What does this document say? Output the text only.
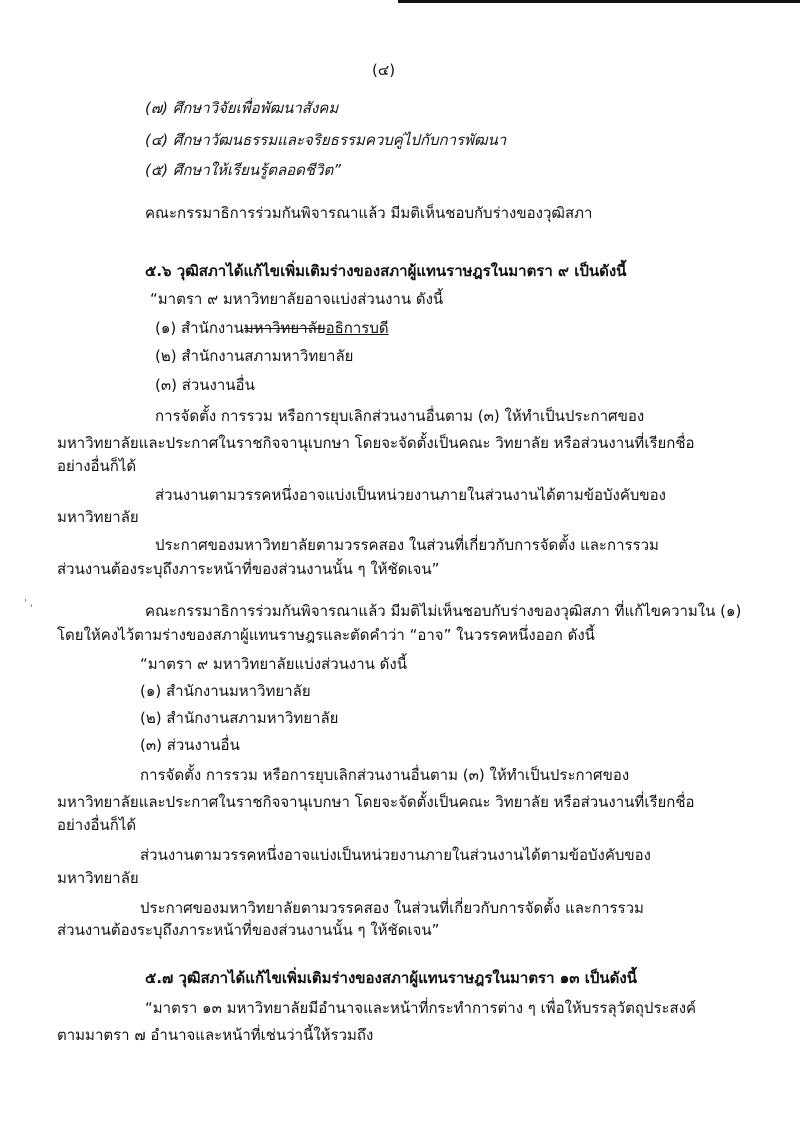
' ,
(๔)
(๗) ศึกษาวิจัยเพื่อพัฒนาสังคม
(๔) ศึกษาวัฒนธรรมและจริยธรรมควบคู่ไปกับการพัฒนา
(๕) ศึกษาให้เรียนรู้ตลอดชีวิต”
คณะกรรมาธิการร่วมกันพิจารณาแล้ว มีมติเห็นชอบกับร่างของวุฒิสภา
๕.๖ วุฒิสภาได้แก้ไขเพิ่มเติมร่างของสภาผู้แทนราษฎรในมาตรา ๙ เป็นดังนี้
“มาตรา ๙ มหาวิทยาลัยอาจแบ่งส่วนงาน ดังนี้
(๑) สำนักงานมหาวิทยาลัยอธิการบดี
(๒) สำนักงานสภามหาวิทยาลัย
(๓) ส่วนงานอื่น
การจัดตั้ง การรวม หรือการยุบเลิกส่วนงานอื่นตาม (๓) ให้ทำเป็นประกาศของ
มหาวิทยาลัยและประกาศในราชกิจจานุเบกษา โดยจะจัดตั้งเป็นคณะ วิทยาลัย หรือส่วนงานที่เรียกชื่อ
อย่างอื่นก็ได้
ส่วนงานตามวรรคหนึ่งอาจแบ่งเป็นหน่วยงานภายในส่วนงานได้ตามข้อบังคับของ
มหาวิทยาลัย
ประกาศของมหาวิทยาลัยตามวรรคสอง ในส่วนที่เกี่ยวกับการจัดตั้ง และการรวม
ส่วนงานต้องระบุถึงภาระหน้าที่ของส่วนงานนั้น ๆ ให้ชัดเจน”
คณะกรรมาธิการร่วมกันพิจารณาแล้ว มีมติไม่เห็นชอบกับร่างของวุฒิสภา ที่แก้ไขความใน (๑)
โดยให้คงไว้ตามร่างของสภาผู้แทนราษฎรและตัดคำว่า “อาจ” ในวรรคหนึ่งออก ดังนี้
“มาตรา ๙ มหาวิทยาลัยแบ่งส่วนงาน ดังนี้
(๑) สำนักงานมหาวิทยาลัย
(๒) สำนักงานสภามหาวิทยาลัย
(๓) ส่วนงานอื่น
การจัดตั้ง การรวม หรือการยุบเลิกส่วนงานอื่นตาม (๓) ให้ทำเป็นประกาศของ
มหาวิทยาลัยและประกาศในราชกิจจานุเบกษา โดยจะจัดตั้งเป็นคณะ วิทยาลัย หรือส่วนงานที่เรียกชื่อ
อย่างอื่นก็ได้
ส่วนงานตามวรรคหนึ่งอาจแบ่งเป็นหน่วยงานภายในส่วนงานได้ตามข้อบังคับของ
มหาวิทยาลัย
ประกาศของมหาวิทยาลัยตามวรรคสอง ในส่วนที่เกี่ยวกับการจัดตั้ง และการรวม
ส่วนงานต้องระบุถึงภาระหน้าที่ของส่วนงานนั้น ๆ ให้ชัดเจน”
๕.๗ วุฒิสภาได้แก้ไขเพิ่มเติมร่างของสภาผู้แทนราษฎรในมาตรา ๑๓ เป็นดังนี้
“มาตรา ๑๓ มหาวิทยาลัยมีอำนาจและหน้าที่กระทำการต่าง ๆ เพื่อให้บรรลุวัตถุประสงค์
ตามมาตรา ๗ อำนาจและหน้าที่เช่นว่านี้ให้รวมถึง
